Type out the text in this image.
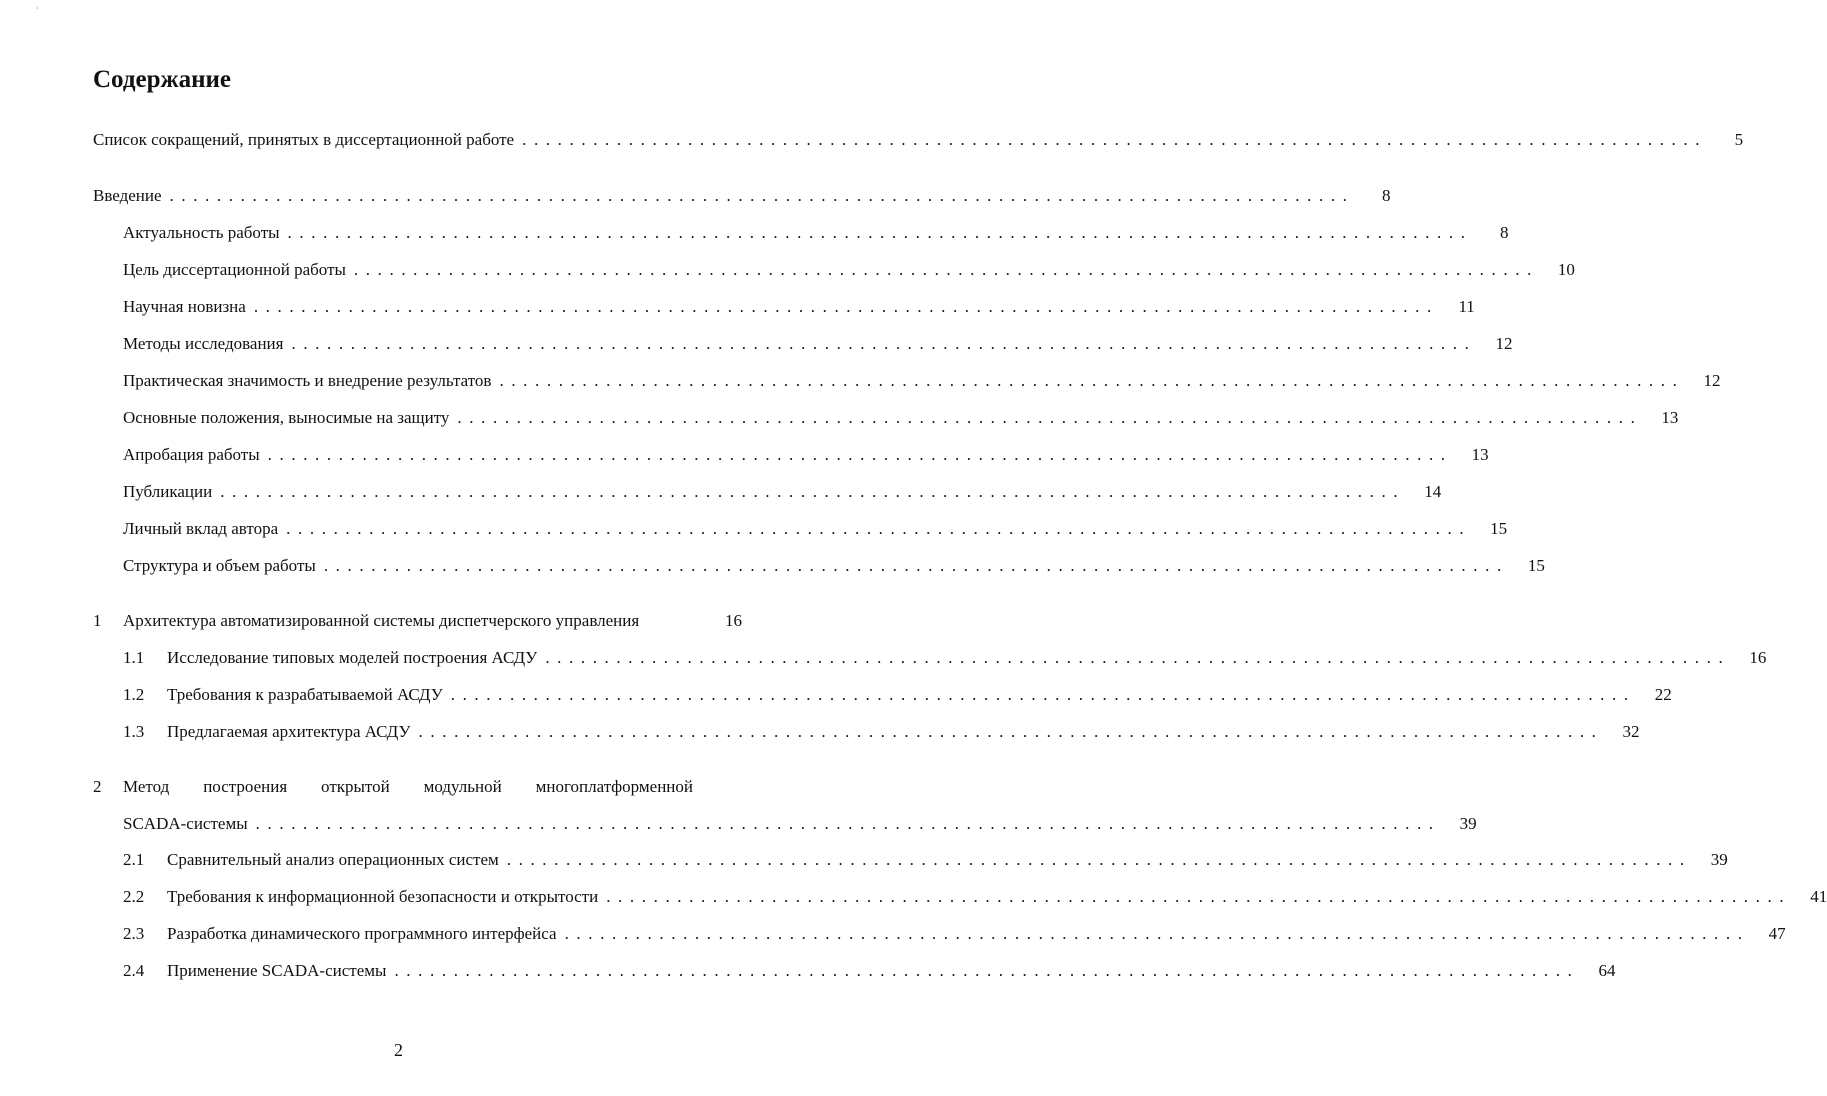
·
Содержание
Список сокращений, принятых в диссертационной работе ....................................................................................................	5
Введение ....................................................................................................	8
Актуальность работы ....................................................................................................	8
Цель диссертационной работы ....................................................................................................	10
Научная новизна ....................................................................................................	11
Методы исследования ....................................................................................................	12
Практическая значимость и внедрение результатов ....................................................................................................	12
Основные положения, выносимые на защиту ....................................................................................................	13
Апробация работы ....................................................................................................	13
Публикации ....................................................................................................	14
Личный вклад автора ....................................................................................................	15
Структура и объем работы ....................................................................................................	15
1	Архитектура автоматизированной системы диспетчерского управления	16
1.1	Исследование типовых моделей построения АСДУ ....................................................................................................	16
1.2	Требования к разрабатываемой АСДУ ....................................................................................................	22
1.3	Предлагаемая архитектура АСДУ ....................................................................................................	32
2 Метод построения открытой модульной многоплатформенной
SCADA-системы ....................................................................................................	39
2.1	Сравнительный анализ операционных систем ....................................................................................................	39
2.2	Требования к информационной безопасности и открытости ....................................................................................................	41
2.3	Разработка динамического программного интерфейса ....................................................................................................	47
2.4	Применение SCADA-системы ....................................................................................................	64
2
